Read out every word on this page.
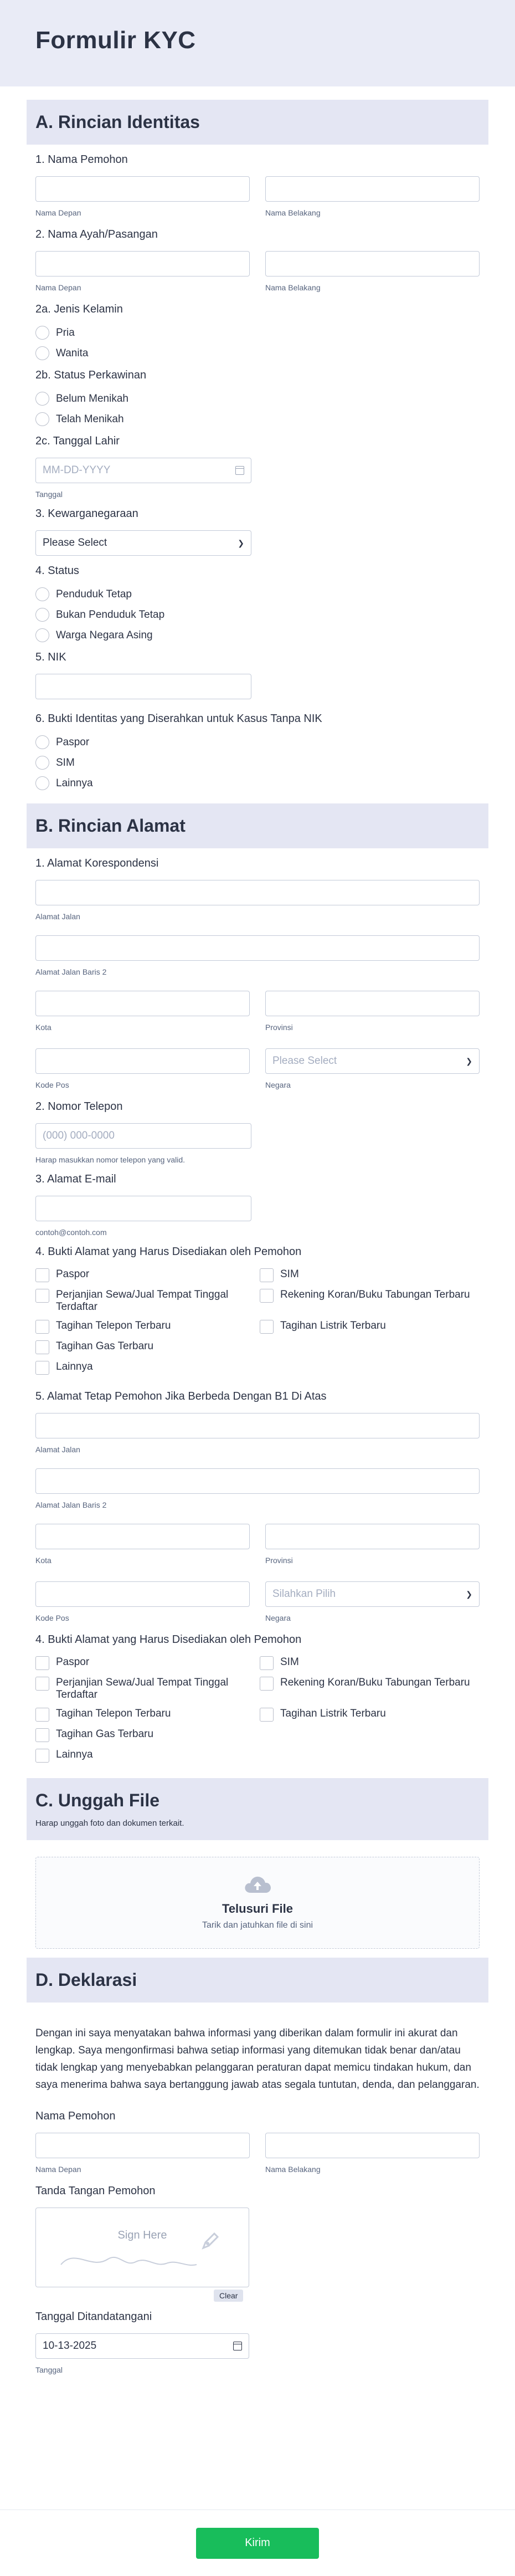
Formulir KYC
A. Rincian Identitas
1. Nama Pemohon
Nama Depan	Nama Belakang
2. Nama Ayah/Pasangan
Nama Depan	Nama Belakang
2a. Jenis Kelamin
Pria
Wanita
2b. Status Perkawinan
Belum Menikah
Telah Menikah
2c. Tanggal Lahir
MM-DD-YYYY
Tanggal
3. Kewarganegaraan
Please Select	❯
4. Status
Penduduk Tetap
Bukan Penduduk Tetap
Warga Negara Asing
5. NIK
6. Bukti Identitas yang Diserahkan untuk Kasus Tanpa NIK
Paspor
SIM
Lainnya
B. Rincian Alamat
1. Alamat Korespondensi
Alamat Jalan
Alamat Jalan Baris 2
Kota	Provinsi
Kode Pos
Please Select	❯
Negara
2. Nomor Telepon
(000) 000-0000
Harap masukkan nomor telepon yang valid.
3. Alamat E-mail
contoh@contoh.com
4. Bukti Alamat yang Harus Disediakan oleh Pemohon
Paspor	SIM
Perjanjian Sewa/Jual Tempat Tinggal Terdaftar
Rekening Koran/Buku Tabungan Terbaru
Tagihan Telepon Terbaru	Tagihan Listrik Terbaru
Tagihan Gas Terbaru
Lainnya
5. Alamat Tetap Pemohon Jika Berbeda Dengan B1 Di Atas
Alamat Jalan
Alamat Jalan Baris 2
Kota	Provinsi
Kode Pos
Silahkan Pilih	❯
Negara
4. Bukti Alamat yang Harus Disediakan oleh Pemohon
Paspor	SIM
Perjanjian Sewa/Jual Tempat Tinggal Terdaftar
Rekening Koran/Buku Tabungan Terbaru
Tagihan Telepon Terbaru	Tagihan Listrik Terbaru
Tagihan Gas Terbaru
Lainnya
C. Unggah File
Harap unggah foto dan dokumen terkait.
Telusuri File
Tarik dan jatuhkan file di sini
D. Deklarasi

Dengan ini saya menyatakan bahwa informasi yang diberikan dalam formulir ini akurat dan lengkap. Saya mengonfirmasi bahwa setiap informasi yang ditemukan tidak benar dan/atau tidak lengkap yang menyebabkan pelanggaran peraturan dapat memicu tindakan hukum, dan saya menerima bahwa saya bertanggung jawab atas segala tuntutan, denda, dan pelanggaran.

Nama Pemohon
Nama Depan	Nama Belakang
Tanda Tangan Pemohon
Sign Here
Clear
Tanggal Ditandatangani
10-13-2025
Tanggal
Kirim
